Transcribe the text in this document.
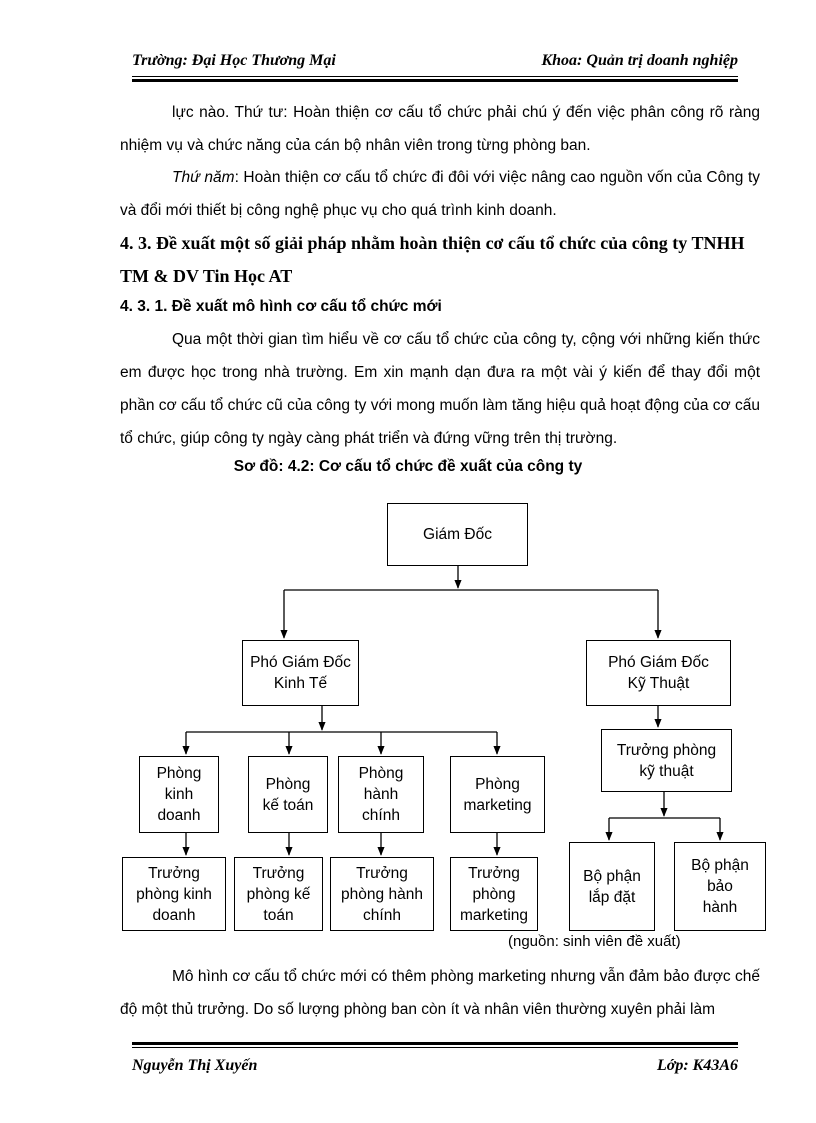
Trường: Đại Học Thương Mại	Khoa: Quản trị doanh nghiệp
lực nào. Thứ tư: Hoàn thiện cơ cấu tổ chức phải chú ý đến việc phân công rõ ràng nhiệm vụ và chức năng của cán bộ nhân viên trong từng phòng ban.
Thứ năm: Hoàn thiện cơ cấu tổ chức đi đôi với việc nâng cao nguồn vốn của Công ty và đổi mới thiết bị công nghệ phục vụ cho quá trình kinh doanh.
4. 3. Đề xuất một số giải pháp nhằm hoàn thiện cơ cấu tổ chức của công ty TNHH TM & DV Tin Học AT
4. 3. 1. Đề xuất mô hình cơ cấu tổ chức mới
Qua một thời gian tìm hiểu về cơ cấu tổ chức của công ty, cộng với những kiến thức em được học trong nhà trường. Em xin mạnh dạn đưa ra một vài ý kiến để thay đổi một phần cơ cấu tổ chức cũ của công ty với mong muốn làm tăng hiệu quả hoạt động của cơ cấu tổ chức, giúp công ty ngày càng phát triển và đứng vững trên thị trường.
Sơ đồ: 4.2: Cơ cấu tổ chức đề xuất của công ty
Giám Đốc
Phó Giám Đốc
Kinh Tế
Phó Giám Đốc
Kỹ Thuật
Phòng
kinh
doanh
Phòng
kế toán
Phòng
hành
chính
Phòng
marketing
Trưởng
phòng kinh
doanh
Trưởng
phòng kế
toán
Trưởng
phòng hành
chính
Trưởng
phòng
marketing
Trưởng phòng
kỹ thuật
Bộ phận
lắp đặt
Bộ phận
bảo
hành
(nguồn: sinh viên đề xuất)
Mô hình cơ cấu tổ chức mới có thêm phòng marketing nhưng vẫn đảm bảo được chế độ một thủ trưởng. Do số lượng phòng ban còn ít và nhân viên thường xuyên phải làm
Nguyễn Thị Xuyến	Lớp: K43A6
